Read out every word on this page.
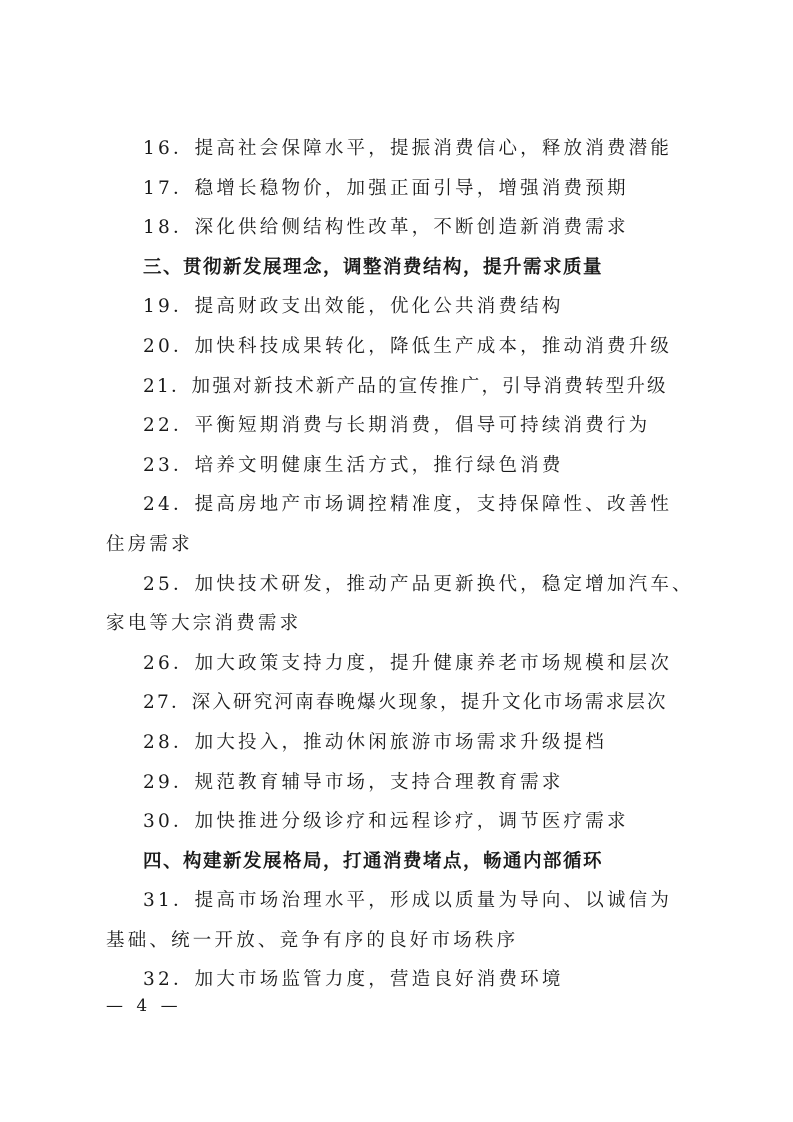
16．提高社会保障水平，提振消费信心，释放消费潜能
17．稳增长稳物价，加强正面引导，增强消费预期
18．深化供给侧结构性改革，不断创造新消费需求
三、贯彻新发展理念，调整消费结构，提升需求质量
19．提高财政支出效能，优化公共消费结构
20．加快科技成果转化，降低生产成本，推动消费升级
21．加强对新技术新产品的宣传推广，引导消费转型升级
22．平衡短期消费与长期消费，倡导可持续消费行为
23．培养文明健康生活方式，推行绿色消费
24．提高房地产市场调控精准度，支持保障性、改善性
住房需求
25．加快技术研发，推动产品更新换代，稳定增加汽车、
家电等大宗消费需求
26．加大政策支持力度，提升健康养老市场规模和层次
27．深入研究河南春晚爆火现象，提升文化市场需求层次
28．加大投入，推动休闲旅游市场需求升级提档
29．规范教育辅导市场，支持合理教育需求
30．加快推进分级诊疗和远程诊疗，调节医疗需求
四、构建新发展格局，打通消费堵点，畅通内部循环
31．提高市场治理水平，形成以质量为导向、以诚信为
基础、统一开放、竞争有序的良好市场秩序
32．加大市场监管力度，营造良好消费环境
— 4 —
